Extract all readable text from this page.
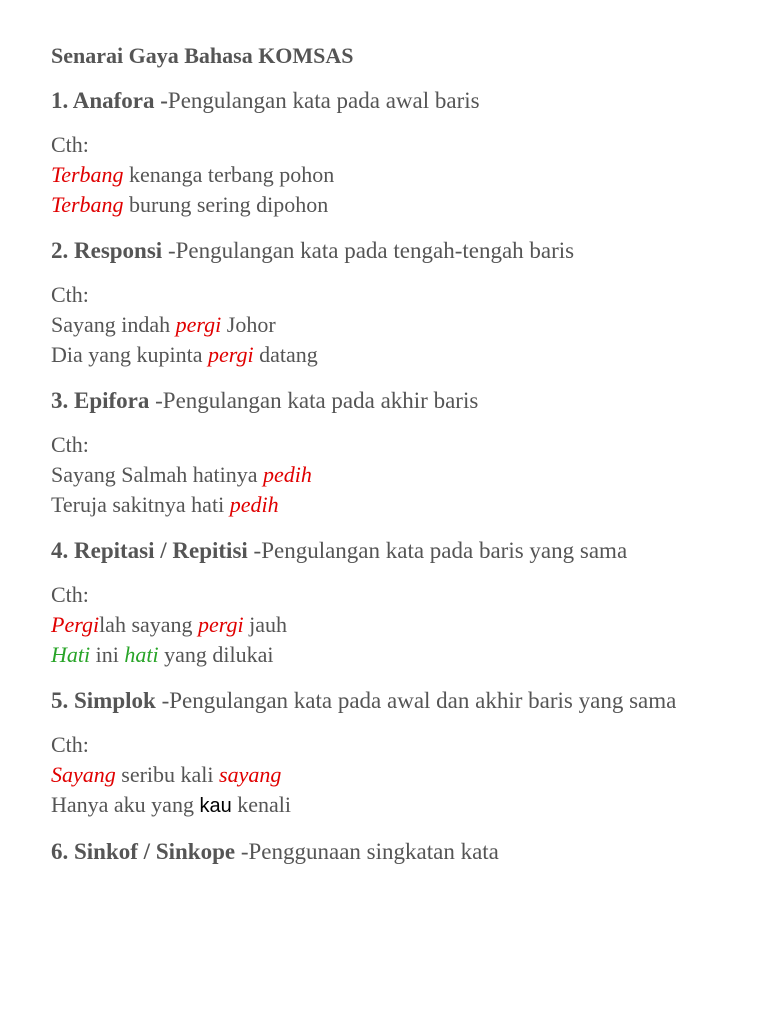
Senarai Gaya Bahasa KOMSAS
1. Anafora -Pengulangan kata pada awal baris
Cth:
Terbang kenanga terbang pohon
Terbang burung sering dipohon
2. Responsi -Pengulangan kata pada tengah-tengah baris
Cth:
Sayang indah pergi Johor
Dia yang kupinta pergi datang
3. Epifora -Pengulangan kata pada akhir baris
Cth:
Sayang Salmah hatinya pedih
Teruja sakitnya hati pedih
4. Repitasi / Repitisi -Pengulangan kata pada baris yang sama
Cth:
Pergilah sayang pergi jauh
Hati ini hati yang dilukai
5. Simplok -Pengulangan kata pada awal dan akhir baris yang sama
Cth:
Sayang seribu kali sayang
Hanya aku yang kau kenali
6. Sinkof / Sinkope -Penggunaan singkatan kata
